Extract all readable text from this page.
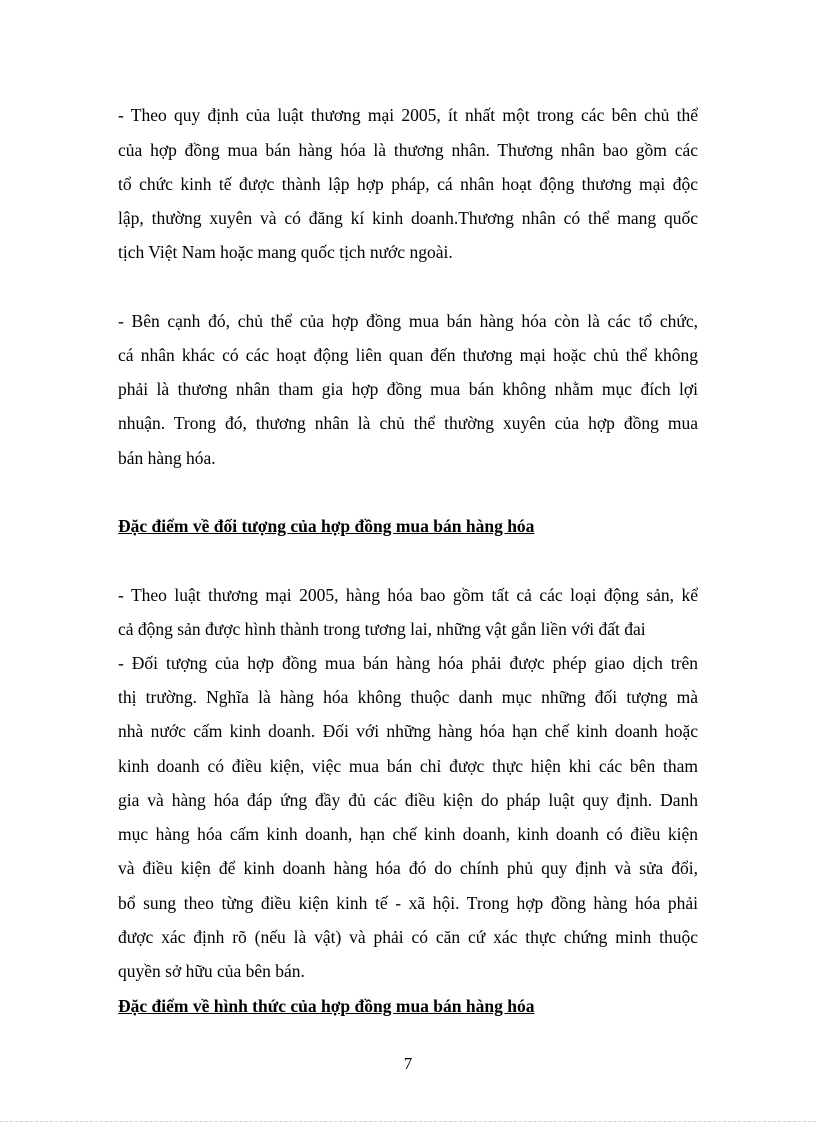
- Theo quy định của luật thương mại 2005, ít nhất một trong các bên chủ thể
của hợp đồng mua bán hàng hóa là thương nhân. Thương nhân bao gồm các
tổ chức kinh tế được thành lập hợp pháp, cá nhân hoạt động thương mại độc
lập, thường xuyên và có đăng kí kinh doanh.Thương nhân có thể mang quốc
tịch Việt Nam hoặc mang quốc tịch nước ngoài.
- Bên cạnh đó, chủ thể của hợp đồng mua bán hàng hóa còn là các tổ chức,
cá nhân khác có các hoạt động liên quan đến thương mại hoặc chủ thể không
phải là thương nhân tham gia hợp đồng mua bán không nhằm mục đích lợi
nhuận. Trong đó, thương nhân là chủ thể thường xuyên của hợp đồng mua
bán hàng hóa.
Đặc điểm về đối tượng của hợp đồng mua bán hàng hóa
- Theo luật thương mại 2005, hàng hóa bao gồm tất cả các loại động sản, kể
cả động sản được hình thành trong tương lai, những vật gắn liền với đất đai
- Đối tượng của hợp đồng mua bán hàng hóa phải được phép giao dịch trên
thị trường. Nghĩa là hàng hóa không thuộc danh mục những đối tượng mà
nhà nước cấm kinh doanh. Đối với những hàng hóa hạn chế kinh doanh hoặc
kinh doanh có điều kiện, việc mua bán chỉ được thực hiện khi các bên tham
gia và hàng hóa đáp ứng đầy đủ các điều kiện do pháp luật quy định. Danh
mục hàng hóa cấm kinh doanh, hạn chế kinh doanh, kinh doanh có điều kiện
và điều kiện để kinh doanh hàng hóa đó do chính phủ quy định và sửa đổi,
bổ sung theo từng điều kiện kinh tế - xã hội. Trong hợp đồng hàng hóa phải
được xác định rõ (nếu là vật) và phải có căn cứ xác thực chứng minh thuộc
quyền sở hữu của bên bán.
Đặc điểm về hình thức của hợp đồng mua bán hàng hóa
7
